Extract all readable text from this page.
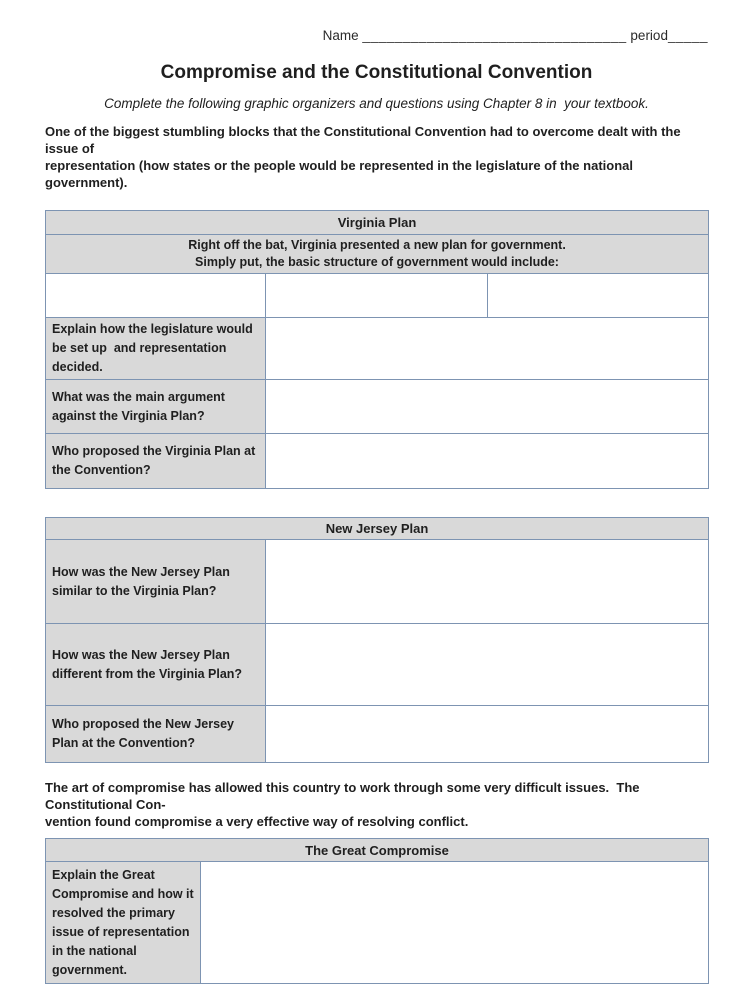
Name _________________________________ period_____
Compromise and the Constitutional Convention
Complete the following graphic organizers and questions using Chapter 8 in  your textbook.
One of the biggest stumbling blocks that the Constitutional Convention had to overcome dealt with the issue of
representation (how states or the people would be represented in the legislature of the national government).
Virginia Plan		

Right off the bat, Virginia presented a new plan for government.
Simply put, the basic structure of government would include:		

Explain how the legislature would be set up  and representation decided.		
What was the main argument against the Virginia Plan?		
Who proposed the Virginia Plan at the Convention?		
New Jersey Plan	
How was the New Jersey Plan similar to the Virginia Plan?	
How was the New Jersey Plan different from the Virginia Plan?	
Who proposed the New Jersey Plan at the Convention?	
The art of compromise has allowed this country to work through some very difficult issues.  The Constitutional Con-
vention found compromise a very effective way of resolving conflict.
The Great Compromise
Explain the Great Compromise and how it resolved the primary issue of representation in the national government.	
